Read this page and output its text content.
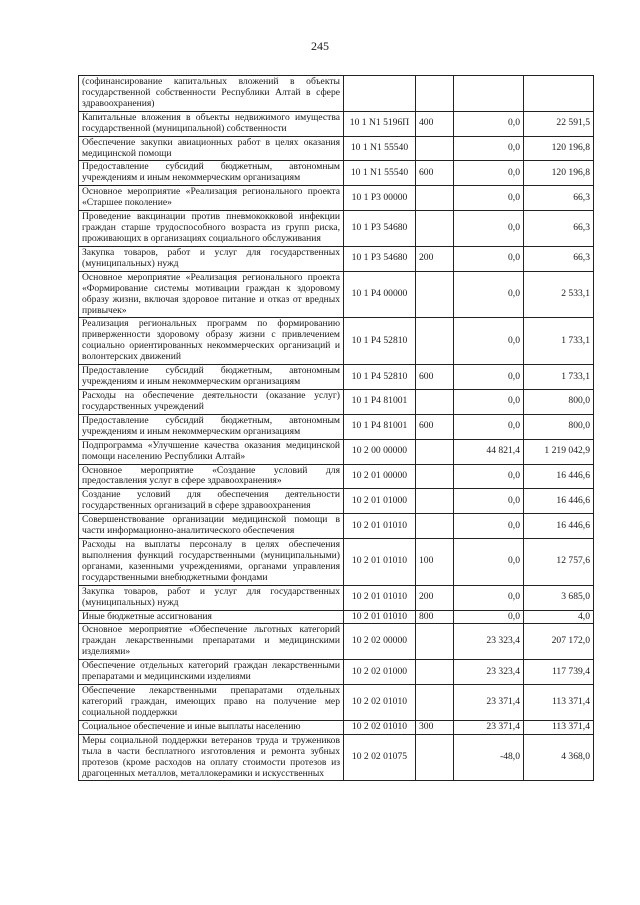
245
(софинансирование капитальных вложений в объекты государственной собственности Республики Алтай в сфере здравоохранения)				
Капитальные вложения в объекты недвижимого имущества государственной (муниципальной) собственности	10 1 N1 5196П	400	0,0	22 591,5
Обеспечение закупки авиационных работ в целях оказания медицинской помощи	10 1 N1 55540		0,0	120 196,8
Предоставление субсидий бюджетным, автономным учреждениям и иным некоммерческим организациям	10 1 N1 55540	600	0,0	120 196,8
Основное мероприятие «Реализация регионального проекта «Старшее поколение»	10 1 P3 00000		0,0	66,3
Проведение вакцинации против пневмококковой инфекции граждан старше трудоспособного возраста из групп риска, проживающих в организациях социального обслуживания	10 1 P3 54680		0,0	66,3
Закупка товаров, работ и услуг для государственных (муниципальных) нужд	10 1 P3 54680	200	0,0	66,3
Основное мероприятие «Реализация регионального проекта «Формирование системы мотивации граждан к здоровому образу жизни, включая здоровое питание и отказ от вредных привычек»	10 1 P4 00000		0,0	2 533,1
Реализация региональных программ по формированию приверженности здоровому образу жизни с привлечением социально ориентированных некоммерческих организаций и волонтерских движений	10 1 P4 52810		0,0	1 733,1
Предоставление субсидий бюджетным, автономным учреждениям и иным некоммерческим организациям	10 1 P4 52810	600	0,0	1 733,1
Расходы на обеспечение деятельности (оказание услуг) государственных учреждений	10 1 P4 81001		0,0	800,0
Предоставление субсидий бюджетным, автономным учреждениям и иным некоммерческим организациям	10 1 P4 81001	600	0,0	800,0
Подпрограмма «Улучшение качества оказания медицинской помощи населению Республики Алтай»	10 2 00 00000		44 821,4	1 219 042,9
Основное мероприятие «Создание условий для предоставления услуг в сфере здравоохранения»	10 2 01 00000		0,0	16 446,6
Создание условий для обеспечения деятельности государственных организаций в сфере здравоохранения	10 2 01 01000		0,0	16 446,6
Совершенствование организации медицинской помощи в части информационно-аналитического обеспечения	10 2 01 01010		0,0	16 446,6
Расходы на выплаты персоналу в целях обеспечения выполнения функций государственными (муниципальными) органами, казенными учреждениями, органами управления государственными внебюджетными фондами	10 2 01 01010	100	0,0	12 757,6
Закупка товаров, работ и услуг для государственных (муниципальных) нужд	10 2 01 01010	200	0,0	3 685,0
Иные бюджетные ассигнования	10 2 01 01010	800	0,0	4,0
Основное мероприятие «Обеспечение льготных категорий граждан лекарственными препаратами и медицинскими изделиями»	10 2 02 00000		23 323,4	207 172,0
Обеспечение отдельных категорий граждан лекарственными препаратами и медицинскими изделиями	10 2 02 01000		23 323,4	117 739,4
Обеспечение лекарственными препаратами отдельных категорий граждан, имеющих право на получение мер социальной поддержки	10 2 02 01010		23 371,4	113 371,4
Социальное обеспечение и иные выплаты населению	10 2 02 01010	300	23 371,4	113 371,4
Меры социальной поддержки ветеранов труда и тружеников тыла в части бесплатного изготовления и ремонта зубных протезов (кроме расходов на оплату стоимости протезов из драгоценных металлов, металлокерамики и искусственных	10 2 02 01075		-48,0	4 368,0
